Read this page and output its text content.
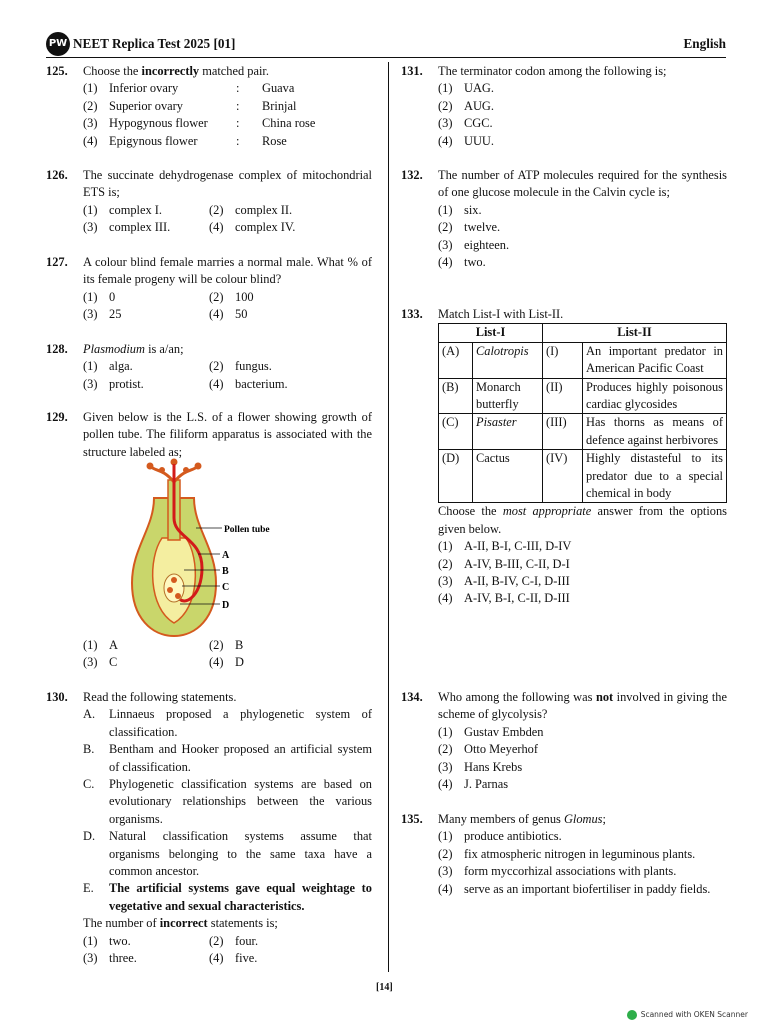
PW NEET Replica Test 2025 [01]	English
125.	Choose the incorrectly matched pair.
(1) Inferior ovary	:	Guava
(2) Superior ovary	:	Brinjal
(3) Hypogynous flower	:	China rose
(4) Epigynous flower	:	Rose
126.	The succinate dehydrogenase complex of mitochondrial ETS is;
(1) complex I.	(2) complex II.
(3) complex III.	(4) complex IV.
127.	A colour blind female marries a normal male. What % of its female progeny will be colour blind?
(1) 0	(2) 100
(3) 25	(4) 50
128.	Plasmodium is a/an;
(1) alga.	(2) fungus.
(3) protist.	(4) bacterium.
129.	Given below is the L.S. of a flower showing growth of pollen tube. The filiform apparatus is associated with the structure labeled as;
(1) A	(2) B
(3) C	(4) D
130.	Read the following statements.
A.	Linnaeus proposed a phylogenetic system of classification.
B.	Bentham and Hooker proposed an artificial system of classification.
C.	Phylogenetic classification systems are based on evolutionary relationships between the various organisms.
D.	Natural classification systems assume that organisms belonging to the same taxa have a common ancestor.
E.	The artificial systems gave equal weightage to vegetative and sexual characteristics.
The number of incorrect statements is;
(1) two.	(2) four.
(3) three.	(4) five.
Pollen tube
A
B
C
D
131.	The terminator codon among the following is;
(1) UAG.
(2) AUG.
(3) CGC.
(4) UUU.
132.	The number of ATP molecules required for the synthesis of one glucose molecule in the Calvin cycle is;
(1) six.
(2) twelve.
(3) eighteen.
(4) two.
133.	Match List-I with List-II.
List-I		List-II	
(A)	Calotropis	(I)	An important predator in American Pacific Coast
(B)	Monarch butterfly	(II)	Produces highly poisonous cardiac glycosides
(C)	Pisaster	(III)	Has thorns as means of defence against herbivores
(D)	Cactus	(IV)	Highly distasteful to its predator due to a special chemical in body
Choose the most appropriate answer from the options given below.
(1) A-II, B-I, C-III, D-IV
(2) A-IV, B-III, C-II, D-I
(3) A-II, B-IV, C-I, D-III
(4) A-IV, B-I, C-II, D-III
134.	Who among the following was not involved in giving the scheme of glycolysis?
(1) Gustav Embden
(2) Otto Meyerhof
(3) Hans Krebs
(4) J. Parnas
135.	Many members of genus Glomus;
(1) produce antibiotics.
(2) fix atmospheric nitrogen in leguminous plants.
(3) form myccorhizal associations with plants.
(4) serve as an important biofertiliser in paddy fields.
[14]
Scanned with OKEN Scanner
